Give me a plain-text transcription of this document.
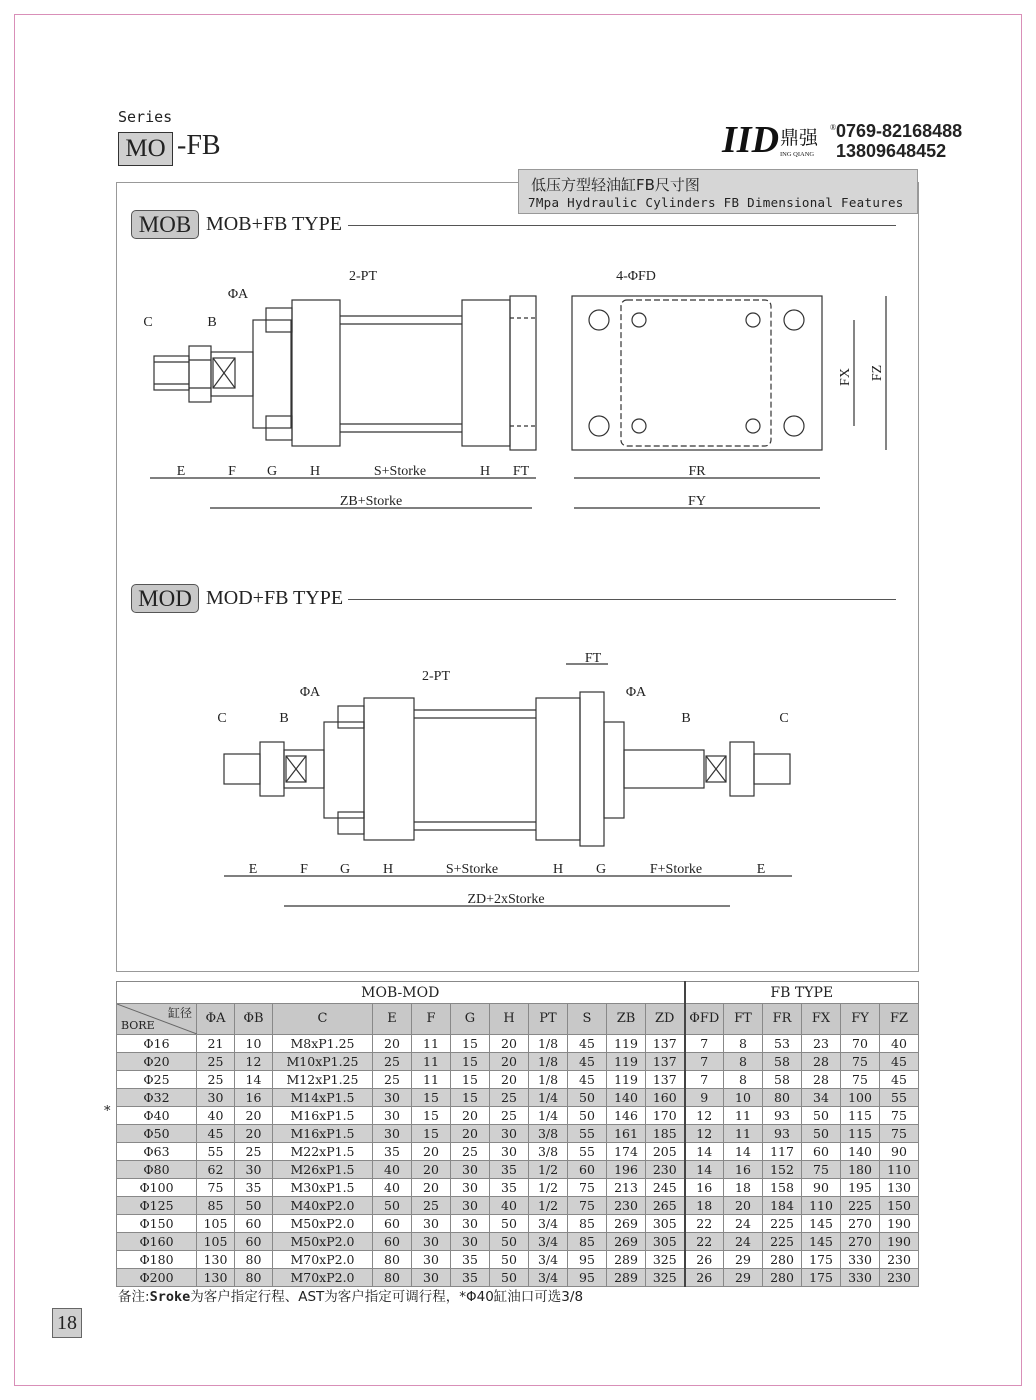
Series
MO -FB	IID 鼎强
ING QIANG
® 0769-82168488
13809648452
低压方型轻油缸FB尺寸图
7Mpa Hydraulic Cylinders FB Dimensional Features
MOB MOB+FB TYPE
C	B
ΦA
2-PT	4-ΦFD
FX FZ
E	F G H	S+Storke	H FT
ZB+Storke
FR
FY
MOD MOD+FB TYPE
FT
2-PT
ΦA	ΦA
C	B	B	C
E	F G H	S+Storke	H G	F+Storke	E
ZD+2xStorke
*
MOB-MOD												FB TYPE					

缸径
BORE	ΦA	ΦB	C	E	F	G	H	PT	S	ZB	ZD	ΦFD	FT	FR	FX	FY	FZ
Φ16	21	10	M8xP1.25	20	11	15	20	1/8	45	119	137	7	8	53	23	70	40
Φ20	25	12	M10xP1.25	25	11	15	20	1/8	45	119	137	7	8	58	28	75	45
Φ25	25	14	M12xP1.25	25	11	15	20	1/8	45	119	137	7	8	58	28	75	45
Φ32	30	16	M14xP1.5	30	15	15	25	1/4	50	140	160	9	10	80	34	100	55
Φ40	40	20	M16xP1.5	30	15	20	25	1/4	50	146	170	12	11	93	50	115	75
Φ50	45	20	M16xP1.5	30	15	20	30	3/8	55	161	185	12	11	93	50	115	75
Φ63	55	25	M22xP1.5	35	20	25	30	3/8	55	174	205	14	14	117	60	140	90
Φ80	62	30	M26xP1.5	40	20	30	35	1/2	60	196	230	14	16	152	75	180	110
Φ100	75	35	M30xP1.5	40	20	30	35	1/2	75	213	245	16	18	158	90	195	130
Φ125	85	50	M40xP2.0	50	25	30	40	1/2	75	230	265	18	20	184	110	225	150
Φ150	105	60	M50xP2.0	60	30	30	50	3/4	85	269	305	22	24	225	145	270	190
Φ160	105	60	M50xP2.0	60	30	30	50	3/4	85	269	305	22	24	225	145	270	190
Φ180	130	80	M70xP2.0	80	30	35	50	3/4	95	289	325	26	29	280	175	330	230
Φ200	130	80	M70xP2.0	80	30	35	50	3/4	95	289	325	26	29	280	175	330	230
备注:Sroke为客户指定行程、AST为客户指定可调行程，*Φ40缸油口可选3/8
18
